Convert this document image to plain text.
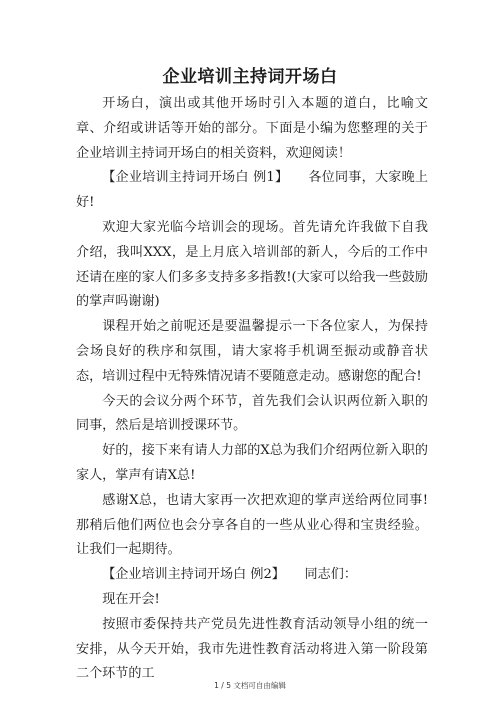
企业培训主持词开场白

开场白，演出或其他开场时引入本题的道白，比喻文章、介绍或讲话等开始的部分。下面是小编为您整理的关于企业培训主持词开场白的相关资料，欢迎阅读！

【企业培训主持词开场白 例1】　　各位同事，大家晚上好!

欢迎大家光临今培训会的现场。首先请允许我做下自我介绍，我叫XXX，是上月底入培训部的新人，今后的工作中还请在座的家人们多多支持多多指教!(大家可以给我一些鼓励的掌声吗谢谢)

课程开始之前呢还是要温馨提示一下各位家人，为保持会场良好的秩序和氛围，请大家将手机调至振动或静音状态，培训过程中无特殊情况请不要随意走动。感谢您的配合!

今天的会议分两个环节，首先我们会认识两位新入职的同事，然后是培训授课环节。

好的，接下来有请人力部的X总为我们介绍两位新入职的家人，掌声有请X总!

感谢X总，也请大家再一次把欢迎的掌声送给两位同事!那稍后他们两位也会分享各自的一些从业心得和宝贵经验。让我们一起期待。

【企业培训主持词开场白 例2】　　同志们：

现在开会!

按照市委保持共产党员先进性教育活动领导小组的统一安排，从今天开始，我市先进性教育活动将进入第一阶段第二个环节的工

1 / 5 文档可自由编辑
